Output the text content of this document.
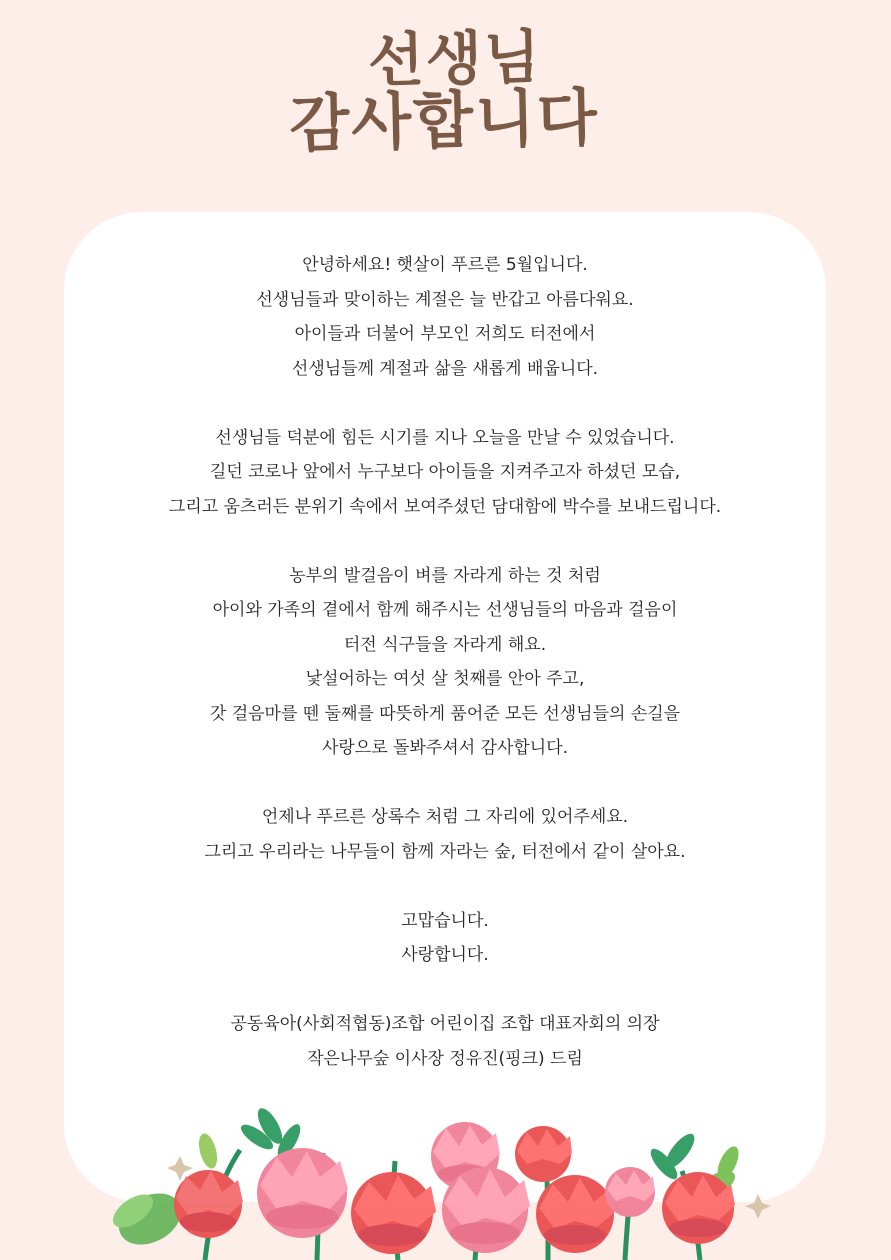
선생님
감사합니다
안녕하세요! 햇살이 푸르른 5월입니다.
선생님들과 맞이하는 계절은 늘 반갑고 아름다워요.
아이들과 더불어 부모인 저희도 터전에서
선생님들께 계절과 삶을 새롭게 배웁니다.
선생님들 덕분에 힘든 시기를 지나 오늘을 만날 수 있었습니다.
길던 코로나 앞에서 누구보다 아이들을 지켜주고자 하셨던 모습,
그리고 움츠러든 분위기 속에서 보여주셨던 담대함에 박수를 보내드립니다.
농부의 발걸음이 벼를 자라게 하는 것 처럼
아이와 가족의 곁에서 함께 해주시는 선생님들의 마음과 걸음이
터전 식구들을 자라게 해요.
낯설어하는 여섯 살 첫째를 안아 주고,
갓 걸음마를 뗀 둘째를 따뜻하게 품어준 모든 선생님들의 손길을
사랑으로 돌봐주셔서 감사합니다.
언제나 푸르른 상록수 처럼 그 자리에 있어주세요.
그리고 우리라는 나무들이 함께 자라는 숲, 터전에서 같이 살아요.
고맙습니다.
사랑합니다.
공동육아(사회적협동)조합 어린이집 조합 대표자회의 의장
작은나무숲 이사장 정유진(핑크) 드림
